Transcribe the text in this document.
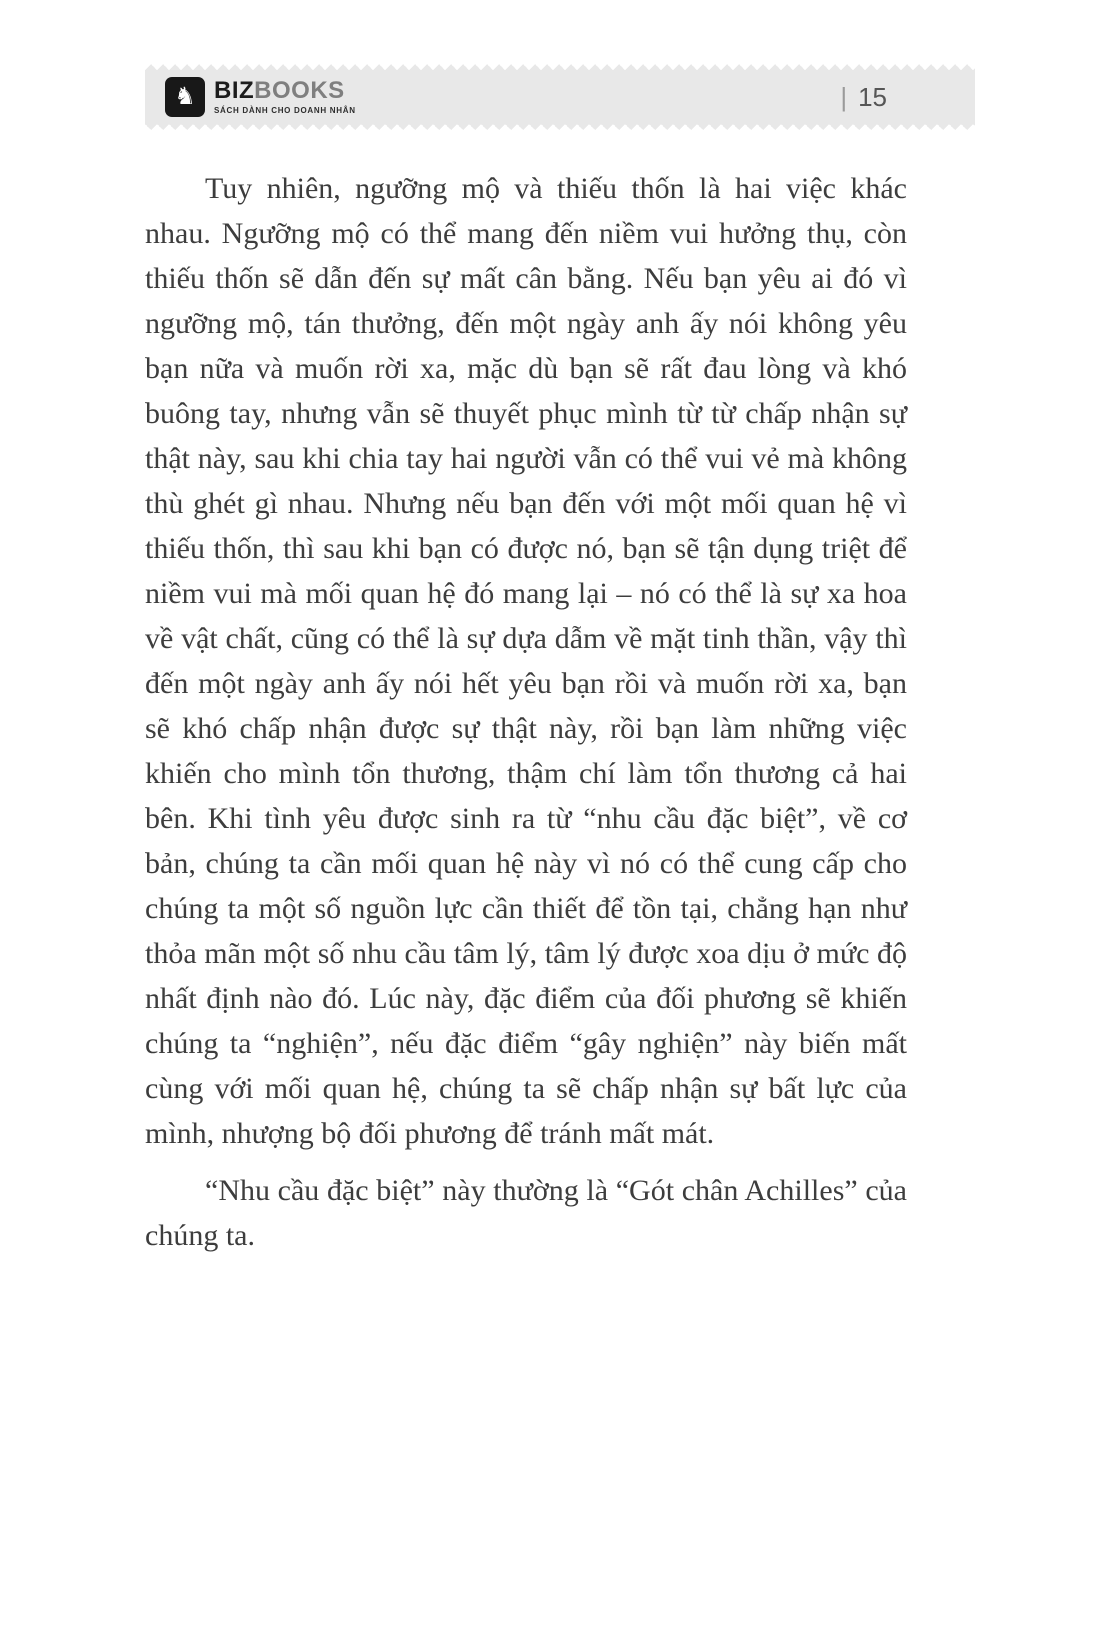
♞ BIZBOOKS
SÁCH DÀNH CHO DOANH NHÂN	| 15

Tuy nhiên, ngưỡng mộ và thiếu thốn là hai việc khác nhau. Ngưỡng mộ có thể mang đến niềm vui hưởng thụ, còn thiếu thốn sẽ dẫn đến sự mất cân bằng. Nếu bạn yêu ai đó vì ngưỡng mộ, tán thưởng, đến một ngày anh ấy nói không yêu bạn nữa và muốn rời xa, mặc dù bạn sẽ rất đau lòng và khó buông tay, nhưng vẫn sẽ thuyết phục mình từ từ chấp nhận sự thật này, sau khi chia tay hai người vẫn có thể vui vẻ mà không thù ghét gì nhau. Nhưng nếu bạn đến với một mối quan hệ vì thiếu thốn, thì sau khi bạn có được nó, bạn sẽ tận dụng triệt để niềm vui mà mối quan hệ đó mang lại – nó có thể là sự xa hoa về vật chất, cũng có thể là sự dựa dẫm về mặt tinh thần, vậy thì đến một ngày anh ấy nói hết yêu bạn rồi và muốn rời xa, bạn sẽ khó chấp nhận được sự thật này, rồi bạn làm những việc khiến cho mình tổn thương, thậm chí làm tổn thương cả hai bên. Khi tình yêu được sinh ra từ “nhu cầu đặc biệt”, về cơ bản, chúng ta cần mối quan hệ này vì nó có thể cung cấp cho chúng ta một số nguồn lực cần thiết để tồn tại, chẳng hạn như thỏa mãn một số nhu cầu tâm lý, tâm lý được xoa dịu ở mức độ nhất định nào đó. Lúc này, đặc điểm của đối phương sẽ khiến chúng ta “nghiện”, nếu đặc điểm “gây nghiện” này biến mất cùng với mối quan hệ, chúng ta sẽ chấp nhận sự bất lực của mình, nhượng bộ đối phương để tránh mất mát.

“Nhu cầu đặc biệt” này thường là “Gót chân Achilles” của chúng ta.
